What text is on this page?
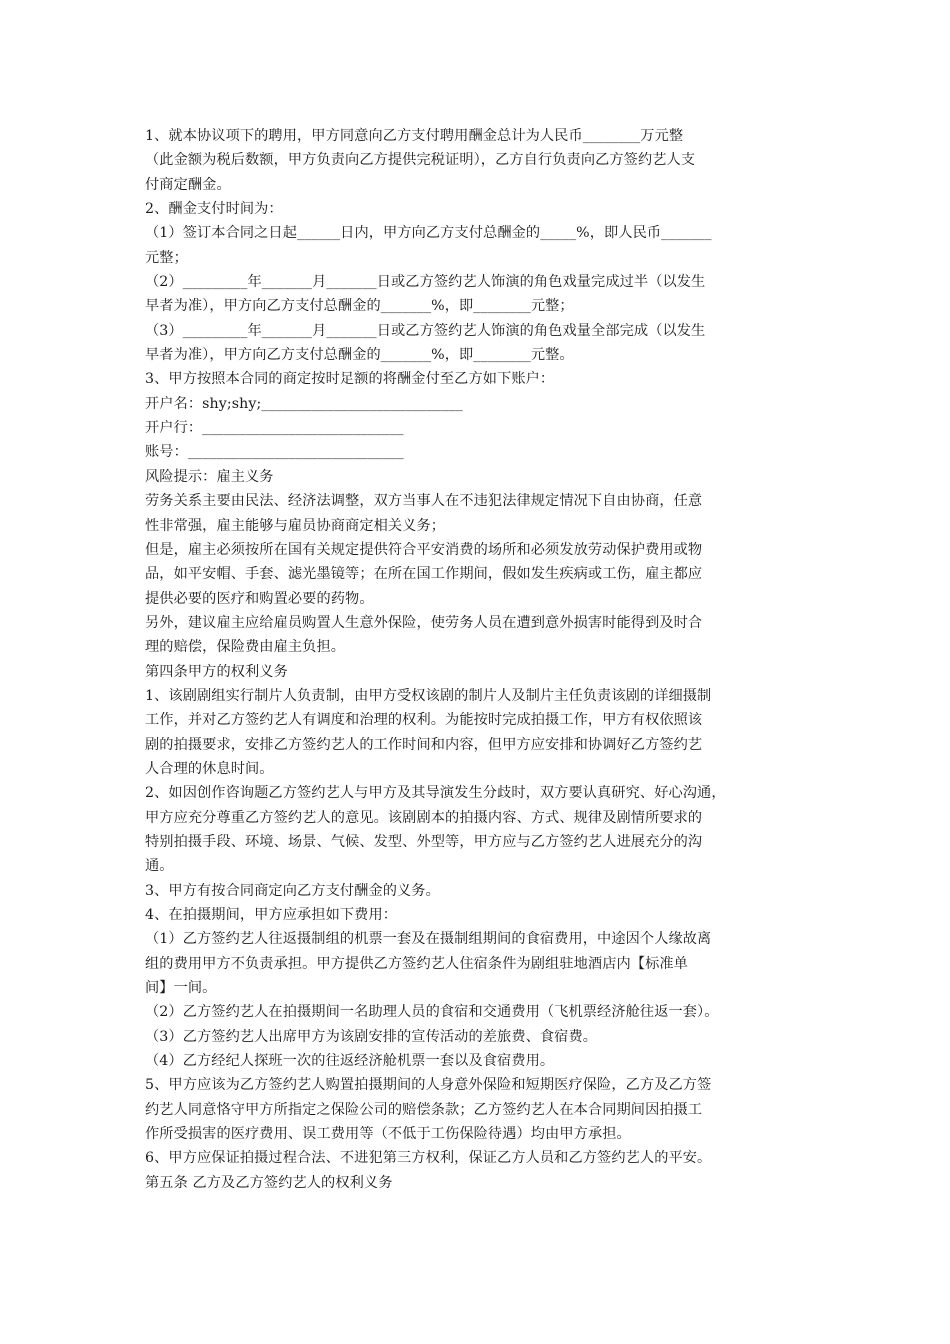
1、就本协议项下的聘用，甲方同意向乙方支付聘用酬金总计为人民币________万元整

（此金额为税后数额，甲方负责向乙方提供完税证明），乙方自行负责向乙方签约艺人支

付商定酬金。

2、酬金支付时间为：

（1）签订本合同之日起______日内，甲方向乙方支付总酬金的_____%，即人民币_______

元整；

（2）_________年_______月_______日或乙方签约艺人饰演的角色戏量完成过半（以发生

早者为准），甲方向乙方支付总酬金的_______%，即________元整；

（3）_________年_______月_______日或乙方签约艺人饰演的角色戏量全部完成（以发生

早者为准），甲方向乙方支付总酬金的_______%，即________元整。

3、甲方按照本合同的商定按时足额的将酬金付至乙方如下账户：

开户名：shy;shy;____________________________

开户行：____________________________

账号：______________________________

风险提示：雇主义务

劳务关系主要由民法、经济法调整，双方当事人在不违犯法律规定情况下自由协商，任意

性非常强，雇主能够与雇员协商商定相关义务；

但是，雇主必须按所在国有关规定提供符合平安消费的场所和必须发放劳动保护费用或物

品，如平安帽、手套、滤光墨镜等；在所在国工作期间，假如发生疾病或工伤，雇主都应

提供必要的医疗和购置必要的药物。

另外，建议雇主应给雇员购置人生意外保险，使劳务人员在遭到意外损害时能得到及时合

理的赔偿，保险费由雇主负担。

第四条甲方的权利义务

1、该剧剧组实行制片人负责制，由甲方受权该剧的制片人及制片主任负责该剧的详细摄制

工作，并对乙方签约艺人有调度和治理的权利。为能按时完成拍摄工作，甲方有权依照该

剧的拍摄要求，安排乙方签约艺人的工作时间和内容，但甲方应安排和协调好乙方签约艺

人合理的休息时间。

2、如因创作咨询题乙方签约艺人与甲方及其导演发生分歧时，双方要认真研究、好心沟通，

甲方应充分尊重乙方签约艺人的意见。该剧剧本的拍摄内容、方式、规律及剧情所要求的

特别拍摄手段、环境、场景、气候、发型、外型等，甲方应与乙方签约艺人进展充分的沟

通。

3、甲方有按合同商定向乙方支付酬金的义务。

4、在拍摄期间，甲方应承担如下费用：

（1）乙方签约艺人往返摄制组的机票一套及在摄制组期间的食宿费用，中途因个人缘故离

组的费用甲方不负责承担。甲方提供乙方签约艺人住宿条件为剧组驻地酒店内【标准单

间】一间。

（2）乙方签约艺人在拍摄期间一名助理人员的食宿和交通费用（飞机票经济舱往返一套）。

（3）乙方签约艺人出席甲方为该剧安排的宣传活动的差旅费、食宿费。

（4）乙方经纪人探班一次的往返经济舱机票一套以及食宿费用。

5、甲方应该为乙方签约艺人购置拍摄期间的人身意外保险和短期医疗保险，乙方及乙方签

约艺人同意恪守甲方所指定之保险公司的赔偿条款；乙方签约艺人在本合同期间因拍摄工

作所受损害的医疗费用、误工费用等（不低于工伤保险待遇）均由甲方承担。

6、甲方应保证拍摄过程合法、不进犯第三方权利，保证乙方人员和乙方签约艺人的平安。

第五条 乙方及乙方签约艺人的权利义务
